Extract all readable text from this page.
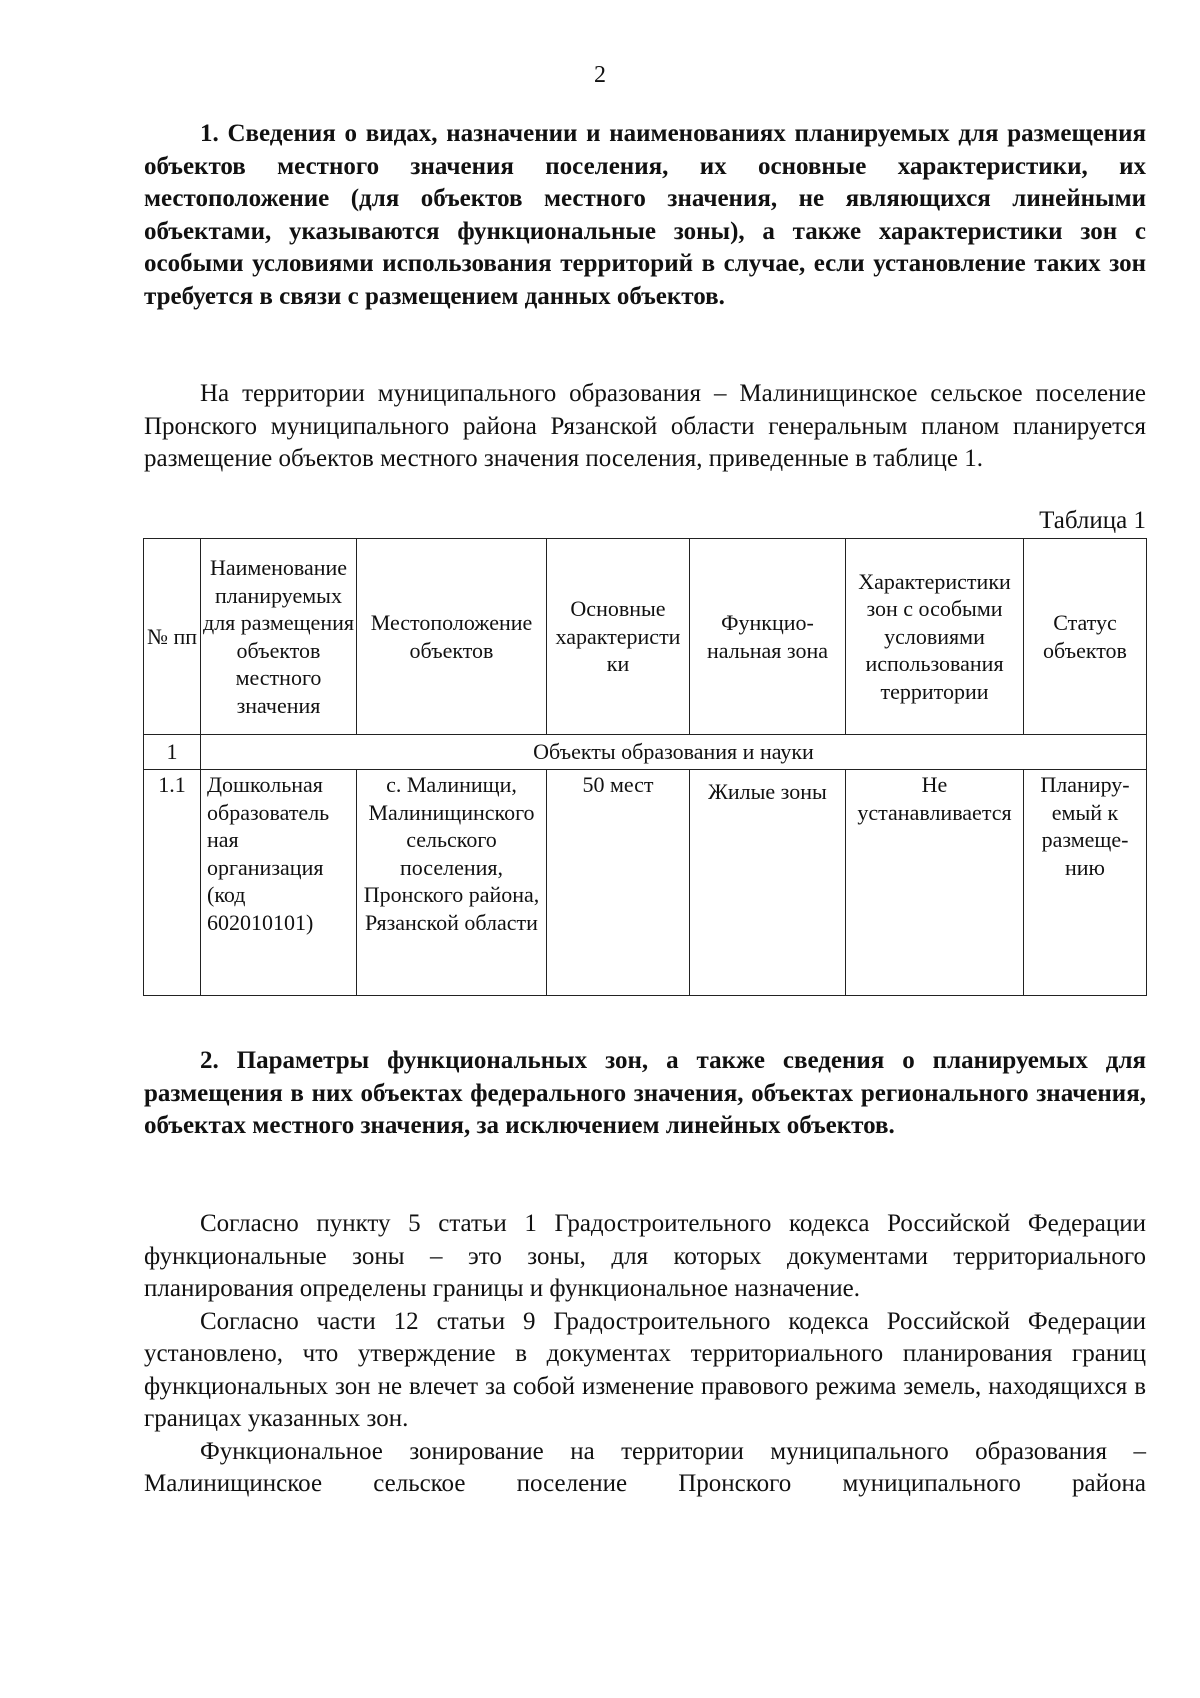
2

1. Сведения о видах, назначении и наименованиях планируемых для размещения объектов местного значения поселения, их основные характеристики, их местоположение (для объектов местного значения, не являющихся линейными объектами, указываются функциональные зоны), а также характеристики зон с особыми условиями использования территорий в случае, если установление таких зон требуется в связи с размещением данных объектов.

На территории муниципального образования – Малинищинское сельское поселение Пронского муниципального района Рязанской области генеральным планом планируется размещение объектов местного значения поселения, приведенные в таблице 1.

Таблица 1
№ пп	Наименование планируемых для размещения объектов местного значения	Местоположение объектов	Основные характеристи ки	Функцио- нальная зона	Характеристики зон с особыми условиями использования территории	Статус объектов
1	Объекты образования и науки					
1.1	Дошкольная образователь ная организация (код 602010101)	с. Малинищи, Малинищинского сельского поселения, Пронского района, Рязанской области	50 мест	Жилые зоны	Не устанавливается	Планиру- емый к размеще- нию

2. Параметры функциональных зон, а также сведения о планируемых для размещения в них объектах федерального значения, объектах регионального значения, объектах местного значения, за исключением линейных объектов.

Согласно пункту 5 статьи 1 Градостроительного кодекса Российской Федерации функциональные зоны – это зоны, для которых документами территориального планирования определены границы и функциональное назначение.

Согласно части 12 статьи 9 Градостроительного кодекса Российской Федерации установлено, что утверждение в документах территориального планирования границ функциональных зон не влечет за собой изменение правового режима земель, находящихся в границах указанных зон.

Функциональное зонирование на территории муниципального образования – Малинищинское сельское поселение Пронского муниципального района
